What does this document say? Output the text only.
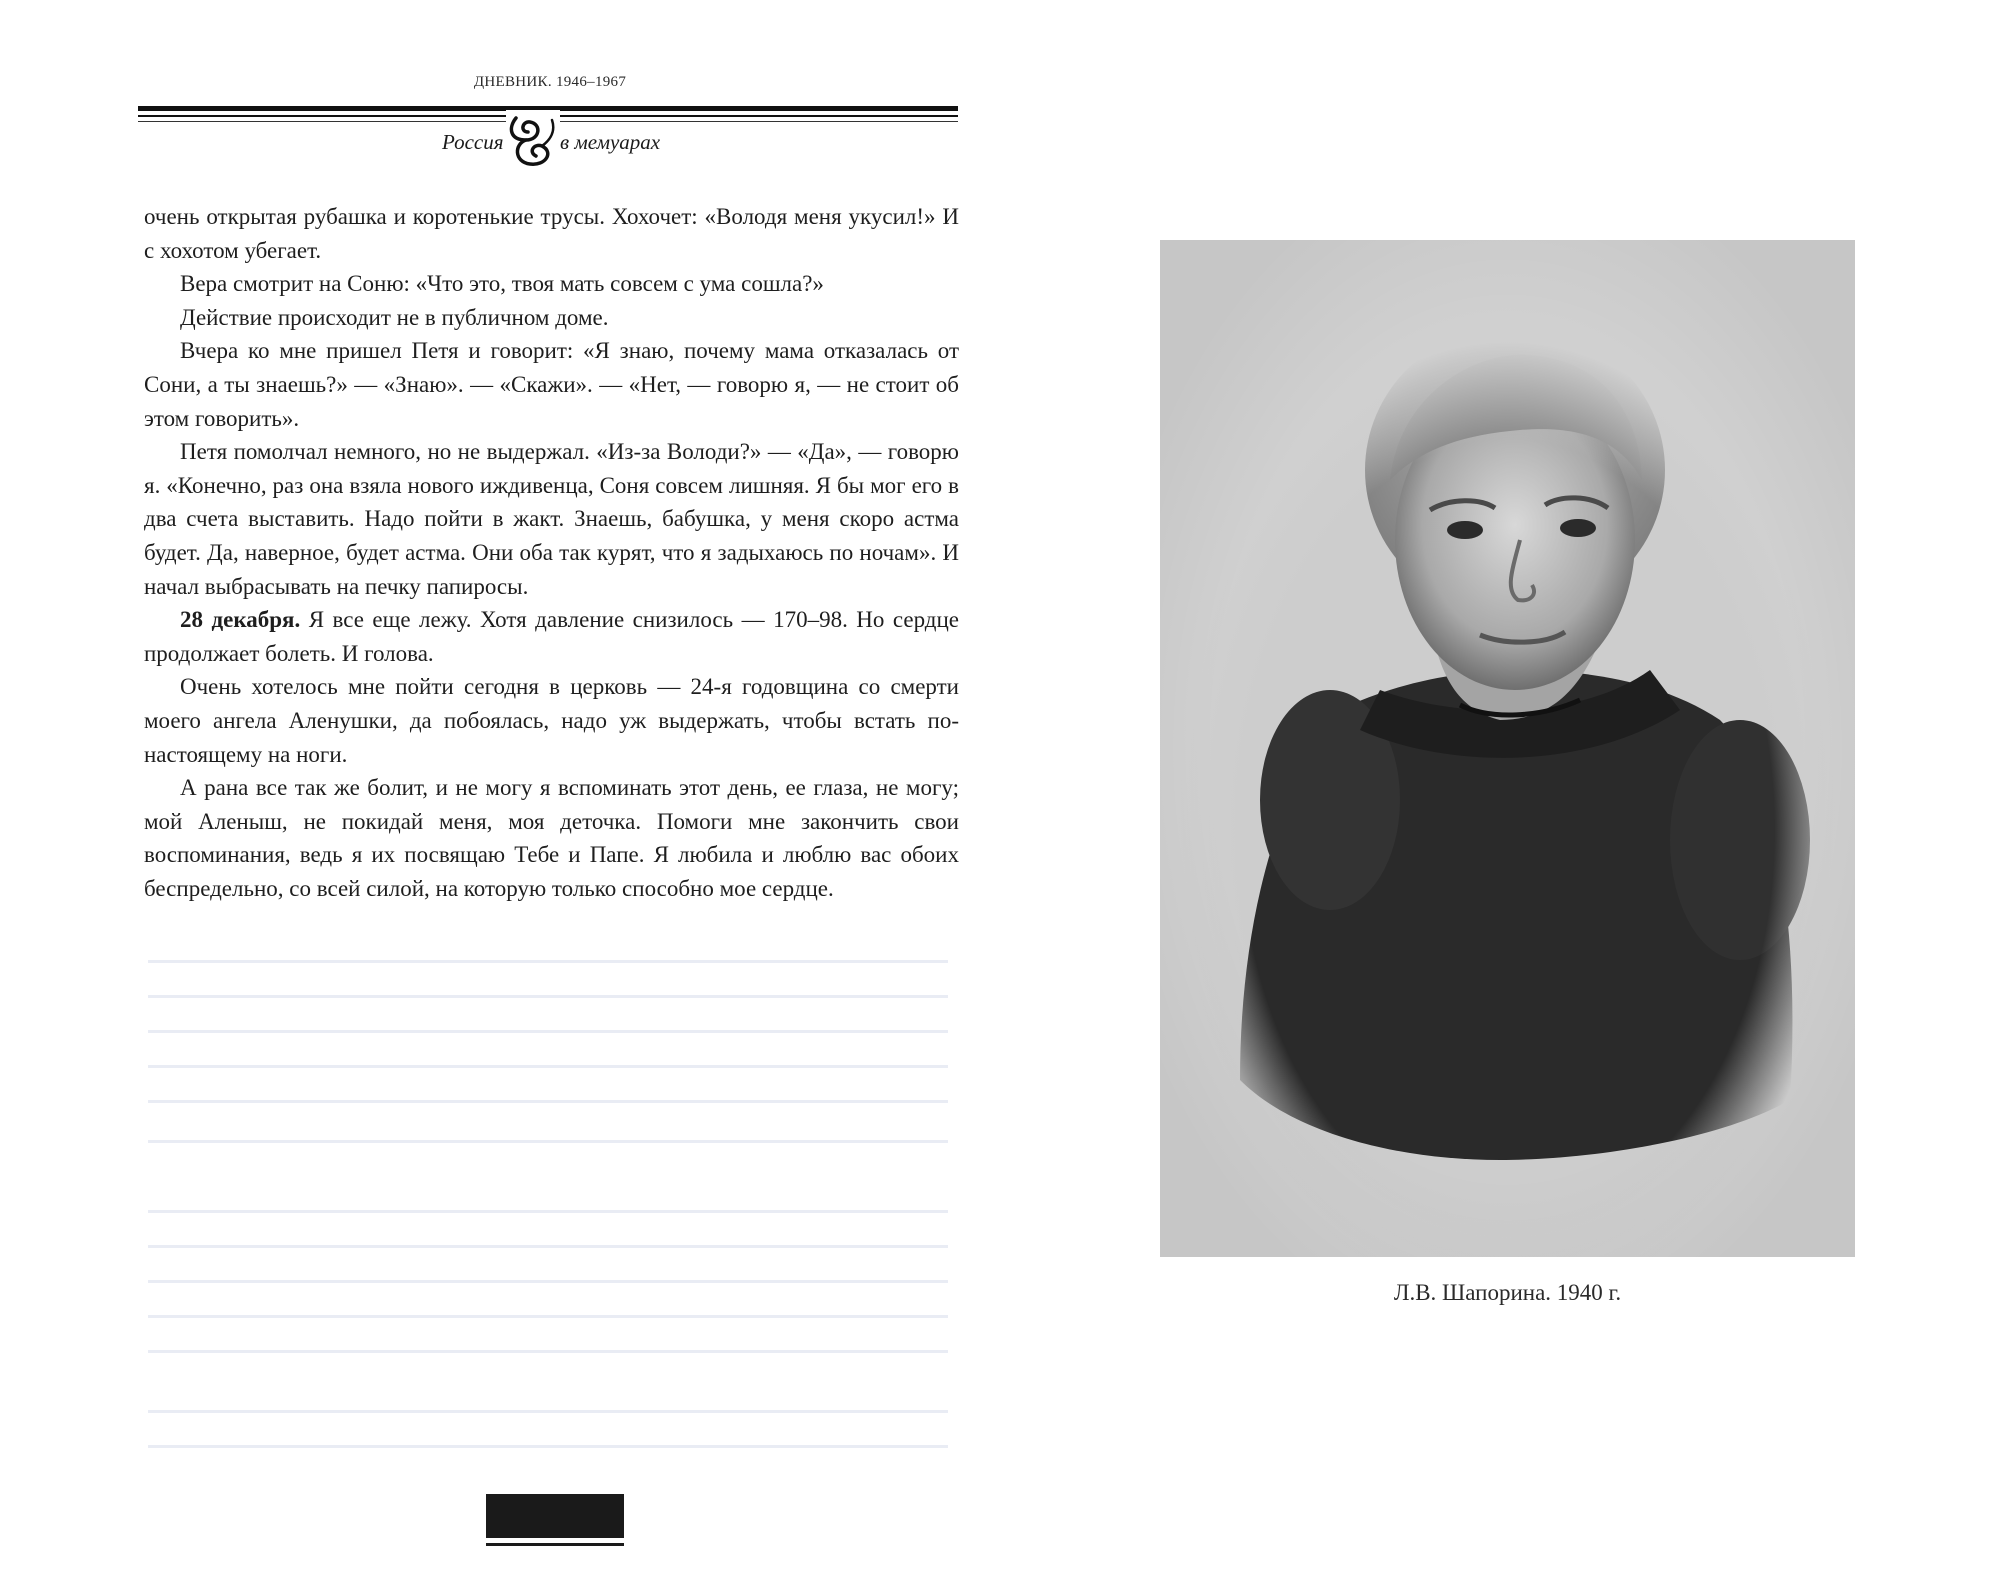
ДНЕВНИК. 1946–1967
Россия	в мемуарах

очень открытая рубашка и коротенькие трусы. Хохочет: «Володя меня укусил!» И с хохотом убегает.

Вера смотрит на Соню: «Что это, твоя мать совсем с ума сошла?»

Действие происходит не в публичном доме.

Вчера ко мне пришел Петя и говорит: «Я знаю, почему мама отказалась от Сони, а ты знаешь?» — «Знаю». — «Скажи». — «Нет, — говорю я, — не стоит об этом говорить».

Петя помолчал немного, но не выдержал. «Из-за Володи?» — «Да», — говорю я. «Конечно, раз она взяла нового иждивенца, Соня совсем лишняя. Я бы мог его в два счета выставить. Надо пойти в жакт. Знаешь, бабушка, у меня скоро астма будет. Да, наверное, будет астма. Они оба так курят, что я задыхаюсь по ночам». И начал выбрасывать на печку папиросы.

28 декабря. Я все еще лежу. Хотя давление снизилось — 170–98. Но сердце продолжает болеть. И голова.

Очень хотелось мне пойти сегодня в церковь — 24-я годовщина со смерти моего ангела Аленушки, да побоялась, надо уж выдержать, чтобы встать по-настоящему на ноги.

А рана все так же болит, и не могу я вспоминать этот день, ее глаза, не могу; мой Аленыш, не покидай меня, моя деточка. Помоги мне закончить свои воспоминания, ведь я их посвящаю Тебе и Папе. Я любила и люблю вас обоих беспредельно, со всей силой, на которую только способно мое сердце.

Л.В. Шапорина. 1940 г.
